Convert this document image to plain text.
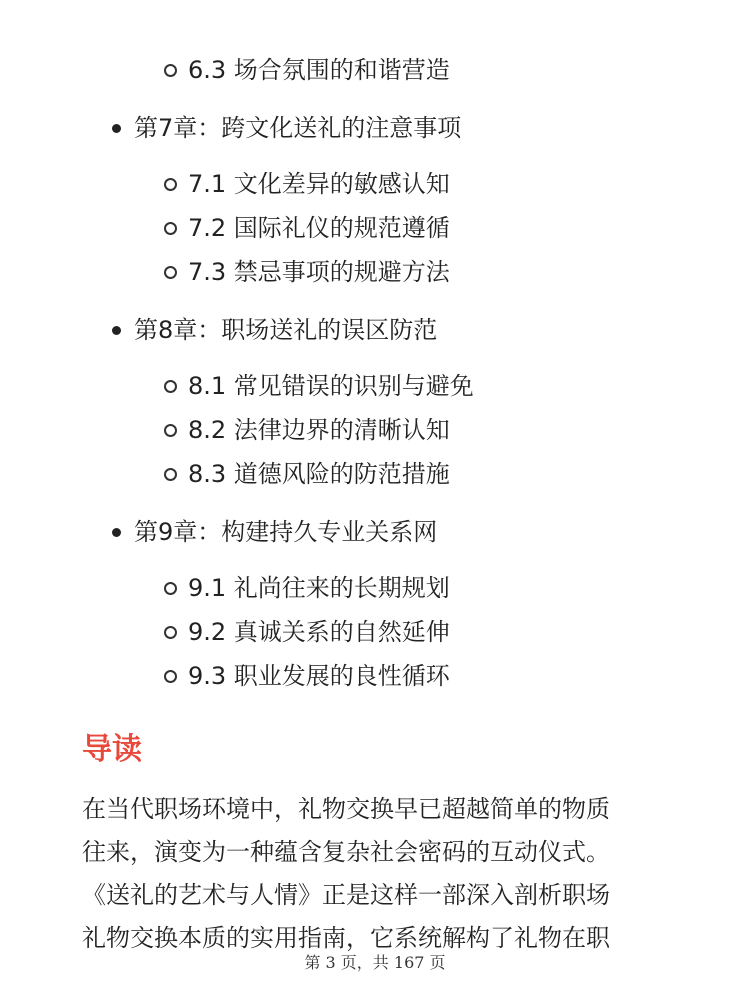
6.3 场合氛围的和谐营造
第7章：跨文化送礼的注意事项
7.1 文化差异的敏感认知
7.2 国际礼仪的规范遵循
7.3 禁忌事项的规避方法
第8章：职场送礼的误区防范
8.1 常见错误的识别与避免
8.2 法律边界的清晰认知
8.3 道德风险的防范措施
第9章：构建持久专业关系网
9.1 礼尚往来的长期规划
9.2 真诚关系的自然延伸
9.3 职业发展的良性循环
导读

在当代职场环境中，礼物交换早已超越简单的物质
往来，演变为一种蕴含复杂社会密码的互动仪式。
《送礼的艺术与人情》正是这样一部深入剖析职场
礼物交换本质的实用指南，它系统解构了礼物在职

第 3 页，共 167 页
